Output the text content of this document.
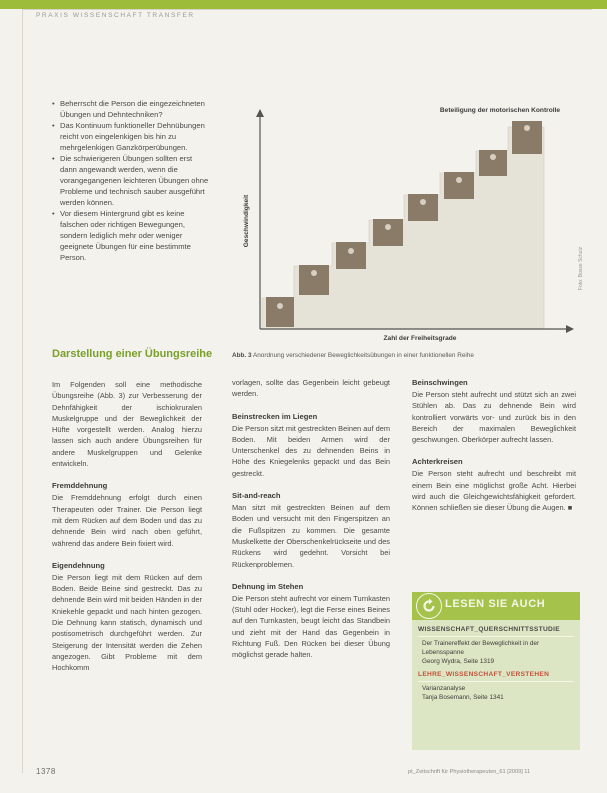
PRAXIS WISSENSCHAFT TRANSFER
• Beherrscht die Person die eingezeichneten Übungen und Dehntechniken?
• Das Kontinuum funktioneller Dehnübungen reicht von eingelenkigen bis hin zu mehrgelenkigen Ganzkörperübungen.
• Die schwierigeren Übungen sollten erst dann angewandt werden, wenn die vorangegangenen leichteren Übungen ohne Probleme und technisch sauber ausgeführt werden können.
• Vor diesem Hintergrund gibt es keine falschen oder richtigen Bewegungen, sondern lediglich mehr oder weniger geeignete Übungen für eine bestimmte Person.
Beteiligung der motorischen Kontrolle
Geschwindigkeit
Zahl der Freiheitsgrade
Foto: Bosse Schulz
Abb. 3 Anordnung verschiedener Beweglichkeitsübungen in einer funktionellen Reihe
Darstellung einer Übungsreihe

Im Folgenden soll eine methodische Übungsreihe (Abb. 3) zur Verbesserung der Dehnfähigkeit der ischiokruralen Muskelgruppe und der Beweglichkeit der Hüfte vorgestellt werden. Analog hierzu lassen sich auch andere Übungsreihen für andere Muskelgruppen und Gelenke entwickeln.

Fremddehnung

Die Fremddehnung erfolgt durch einen Therapeuten oder Trainer. Die Person liegt mit dem Rücken auf dem Boden und das zu dehnende Bein wird nach oben geführt, während das andere Bein fixiert wird.

Eigendehnung

Die Person liegt mit dem Rücken auf dem Boden. Beide Beine sind gestreckt. Das zu dehnende Bein wird mit beiden Händen in der Kniekehle gepackt und nach hinten gezogen. Die Dehnung kann statisch, dynamisch und postisometrisch durchgeführt werden. Zur Steigerung der Intensität werden die Zehen angezogen. Gibt Probleme mit dem Hochkomm

vorlagen, sollte das Gegenbein leicht gebeugt werden.

Beinstrecken im Liegen

Die Person sitzt mit gestreckten Beinen auf dem Boden. Mit beiden Armen wird der Unterschenkel des zu dehnenden Beins in Höhe des Kniegelenks gepackt und das Bein gestreckt.

Sit-and-reach

Man sitzt mit gestreckten Beinen auf dem Boden und versucht mit den Fingerspitzen an die Fußspitzen zu kommen. Die gesamte Muskelkette der Oberschenkelrückseite und des Rückens wird gedehnt. Vorsicht bei Rückenproblemen.

Dehnung im Stehen

Die Person steht aufrecht vor einem Turnkasten (Stuhl oder Hocker), legt die Ferse eines Beines auf den Turnkasten, beugt leicht das Standbein und zieht mit der Hand das Gegenbein in Richtung Fuß. Den Rücken bei dieser Übung möglichst gerade halten.

Beinschwingen

Die Person steht aufrecht und stützt sich an zwei Stühlen ab. Das zu dehnende Bein wird kontrolliert vorwärts vor- und zurück bis in den Bereich der maximalen Beweglichkeit geschwungen. Oberkörper aufrecht lassen.

Achterkreisen

Die Person steht aufrecht und beschreibt mit einem Bein eine möglichst große Acht. Hierbei wird auch die Gleichgewichtsfähigkeit gefordert. Können schließen sie dieser Übung die Augen. ■

LESEN SIE AUCH
WISSENSCHAFT_QUERSCHNITTSSTUDIE
Der Trainereffekt der Beweglichkeit in der Lebensspanne
Georg Wydra, Seite 1319
LEHRE_WISSENSCHAFT_VERSTEHEN
Varianzanalyse
Tanja Bosemann, Seite 1341
1378	pt_Zeitschrift für Physiotherapeuten_61 [2009] 11
